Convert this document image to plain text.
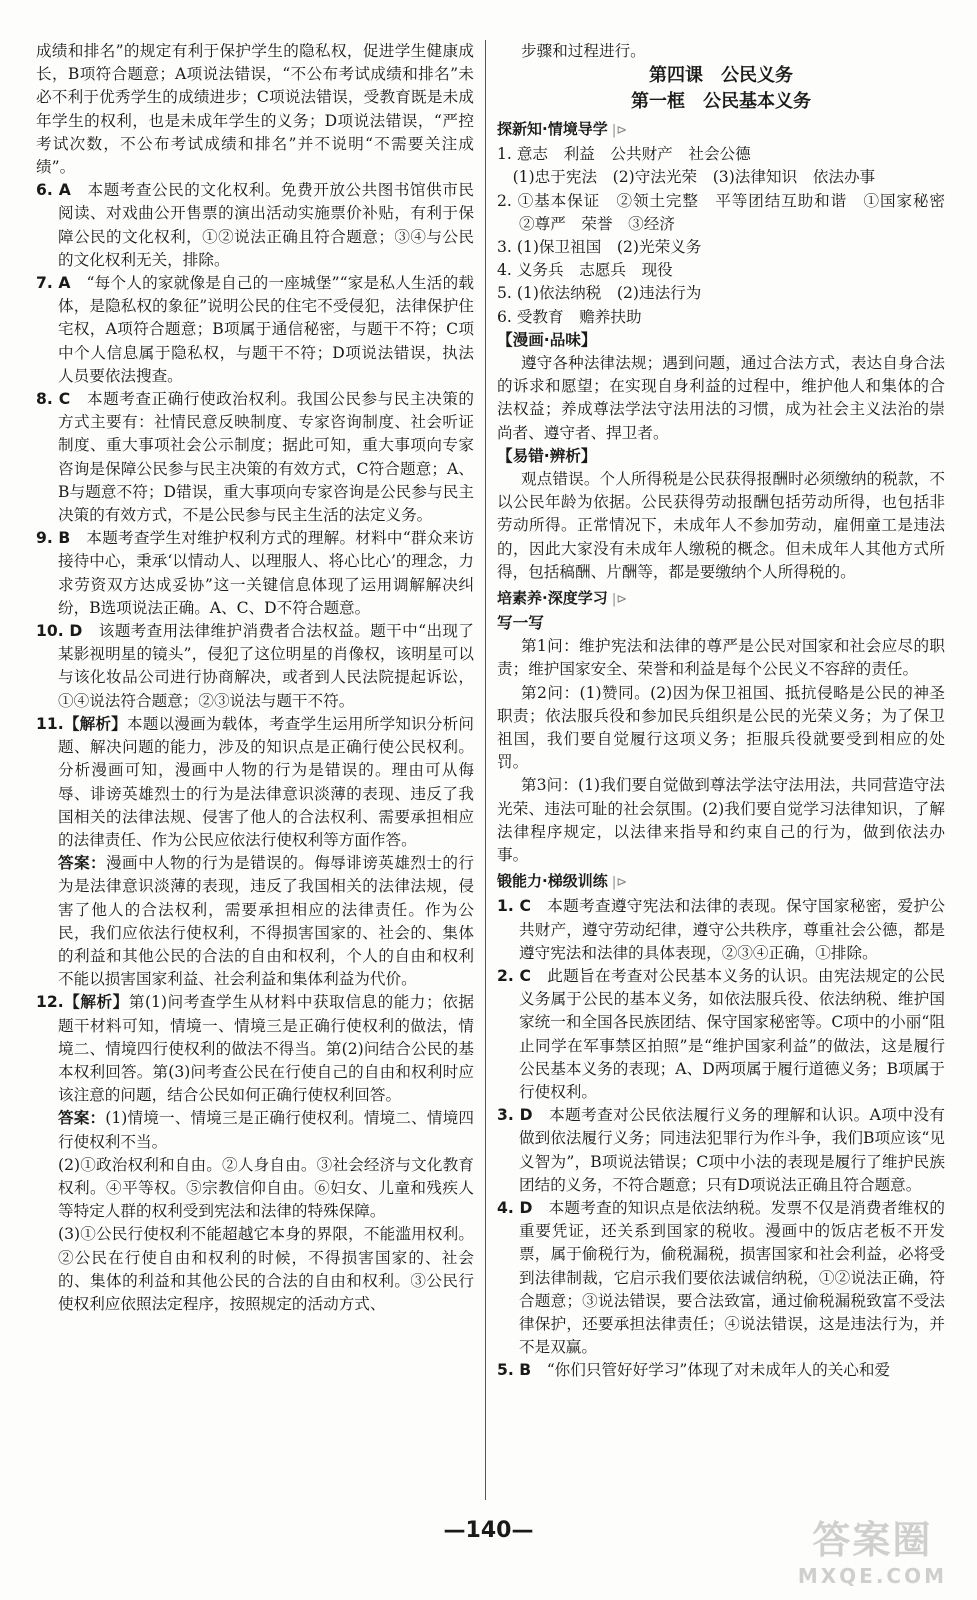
成绩和排名”的规定有利于保护学生的隐私权，促进学生健康成长，B项符合题意；A项说法错误，“不公布考试成绩和排名”未必不利于优秀学生的成绩进步；C项说法错误，受教育既是未成年学生的权利，也是未成年学生的义务；D项说法错误，“严控考试次数，不公布考试成绩和排名”并不说明“不需要关注成绩”。

6. A　 本题考查公民的文化权利。免费开放公共图书馆供市民阅读、对戏曲公开售票的演出活动实施票价补贴，有利于保障公民的文化权利，①②说法正确且符合题意；③④与公民的文化权利无关，排除。

7. A　 “每个人的家就像是自己的一座城堡”“家是私人生活的载体，是隐私权的象征”说明公民的住宅不受侵犯，法律保护住宅权，A项符合题意；B项属于通信秘密，与题干不符；C项中个人信息属于隐私权，与题干不符；D项说法错误，执法人员要依法搜查。

8. C　 本题考查正确行使政治权利。我国公民参与民主决策的方式主要有：社情民意反映制度、专家咨询制度、社会听证制度、重大事项社会公示制度；据此可知，重大事项向专家咨询是保障公民参与民主决策的有效方式，C符合题意；A、B与题意不符；D错误，重大事项向专家咨询是公民参与民主决策的有效方式，不是公民参与民主生活的法定义务。

9. B　 本题考查学生对维护权利方式的理解。材料中“群众来访接待中心，秉承‘以情动人、以理服人、将心比心’的理念，力求劳资双方达成妥协”这一关键信息体现了运用调解解决纠纷，B选项说法正确。A、C、D不符合题意。

10. D　 该题考查用法律维护消费者合法权益。题干中“出现了某影视明星的镜头”，侵犯了这位明星的肖像权，该明星可以与该化妆品公司进行协商解决，或者到人民法院提起诉讼，①④说法符合题意；②③说法与题干不符。

11.【解析】本题以漫画为载体，考查学生运用所学知识分析问题、解决问题的能力，涉及的知识点是正确行使公民权利。分析漫画可知，漫画中人物的行为是错误的。理由可从侮辱、诽谤英雄烈士的行为是法律意识淡薄的表现、违反了我国相关的法律法规、侵害了他人的合法权利、需要承担相应的法律责任、作为公民应依法行使权利等方面作答。

答案：漫画中人物的行为是错误的。侮辱诽谤英雄烈士的行为是法律意识淡薄的表现，违反了我国相关的法律法规，侵害了他人的合法权利，需要承担相应的法律责任。作为公民，我们应依法行使权利，不得损害国家的、社会的、集体的利益和其他公民的合法的自由和权利，个人的自由和权利不能以损害国家利益、社会利益和集体利益为代价。

12.【解析】第(1)问考查学生从材料中获取信息的能力；依据题干材料可知，情境一、情境三是正确行使权利的做法，情境二、情境四行使权利的做法不得当。第(2)问结合公民的基本权利回答。第(3)问考查公民在行使自己的自由和权利时应该注意的问题，结合公民如何正确行使权利回答。

答案：(1)情境一、情境三是正确行使权利。情境二、情境四行使权利不当。

(2)①政治权利和自由。②人身自由。③社会经济与文化教育权利。④平等权。⑤宗教信仰自由。⑥妇女、儿童和残疾人等特定人群的权利受到宪法和法律的特殊保障。

(3)①公民行使权利不能超越它本身的界限，不能滥用权利。②公民在行使自由和权利的时候，不得损害国家的、社会的、集体的利益和其他公民的合法的自由和权利。③公民行使权利应依照法定程序，按照规定的活动方式、

步骤和过程进行。

第四课　公民义务

第一框　公民基本义务

探新知·情境导学 |⊳

1. 意志　利益　公共财产　社会公德

　(1)忠于宪法　(2)守法光荣　(3)法律知识　依法办事

2. ①基本保证　②领土完整　平等团结互助和谐　①国家秘密　②尊严　荣誉　③经济

3. (1)保卫祖国　(2)光荣义务

4. 义务兵　志愿兵　现役

5. (1)依法纳税　(2)违法行为

6. 受教育　赡养扶助

【漫画·品味】

遵守各种法律法规；遇到问题，通过合法方式，表达自身合法的诉求和愿望；在实现自身利益的过程中，维护他人和集体的合法权益；养成尊法学法守法用法的习惯，成为社会主义法治的崇尚者、遵守者、捍卫者。

【易错·辨析】

观点错误。个人所得税是公民获得报酬时必须缴纳的税款，不以公民年龄为依据。公民获得劳动报酬包括劳动所得，也包括非劳动所得。正常情况下，未成年人不参加劳动，雇佣童工是违法的，因此大家没有未成年人缴税的概念。但未成年人其他方式所得，包括稿酬、片酬等，都是要缴纳个人所得税的。

培素养·深度学习 |⊳

写一写

第1问：维护宪法和法律的尊严是公民对国家和社会应尽的职责；维护国家安全、荣誉和利益是每个公民义不容辞的责任。

第2问：(1)赞同。(2)因为保卫祖国、抵抗侵略是公民的神圣职责；依法服兵役和参加民兵组织是公民的光荣义务；为了保卫祖国，我们要自觉履行这项义务；拒服兵役就要受到相应的处罚。

第3问：(1)我们要自觉做到尊法学法守法用法，共同营造守法光荣、违法可耻的社会氛围。(2)我们要自觉学习法律知识，了解法律程序规定，以法律来指导和约束自己的行为，做到依法办事。

锻能力·梯级训练 |⊳

1. C　 本题考查遵守宪法和法律的表现。保守国家秘密，爱护公共财产，遵守劳动纪律，遵守公共秩序，尊重社会公德，都是遵守宪法和法律的具体表现，②③④正确，①排除。

2. C　 此题旨在考查对公民基本义务的认识。由宪法规定的公民义务属于公民的基本义务，如依法服兵役、依法纳税、维护国家统一和全国各民族团结、保守国家秘密等。C项中的小丽“阻止同学在军事禁区拍照”是“维护国家利益”的做法，这是履行公民基本义务的表现；A、D两项属于履行道德义务；B项属于行使权利。

3. D　 本题考查对公民依法履行义务的理解和认识。A项中没有做到依法履行义务；同违法犯罪行为作斗争，我们B项应该“见义智为”，B项说法错误；C项中小法的表现是履行了维护民族团结的义务，不符合题意；只有D项说法正确且符合题意。

4. D　 本题考查的知识点是依法纳税。发票不仅是消费者维权的重要凭证，还关系到国家的税收。漫画中的饭店老板不开发票，属于偷税行为，偷税漏税，损害国家和社会利益，必将受到法律制裁，它启示我们要依法诚信纳税，①②说法正确，符合题意；③说法错误，要合法致富，通过偷税漏税致富不受法律保护，还要承担法律责任；④说法错误，这是违法行为，并不是双赢。

5. B　 “你们只管好好学习”体现了对未成年人的关心和爱

—140—	答案圈
MXQE.COM
